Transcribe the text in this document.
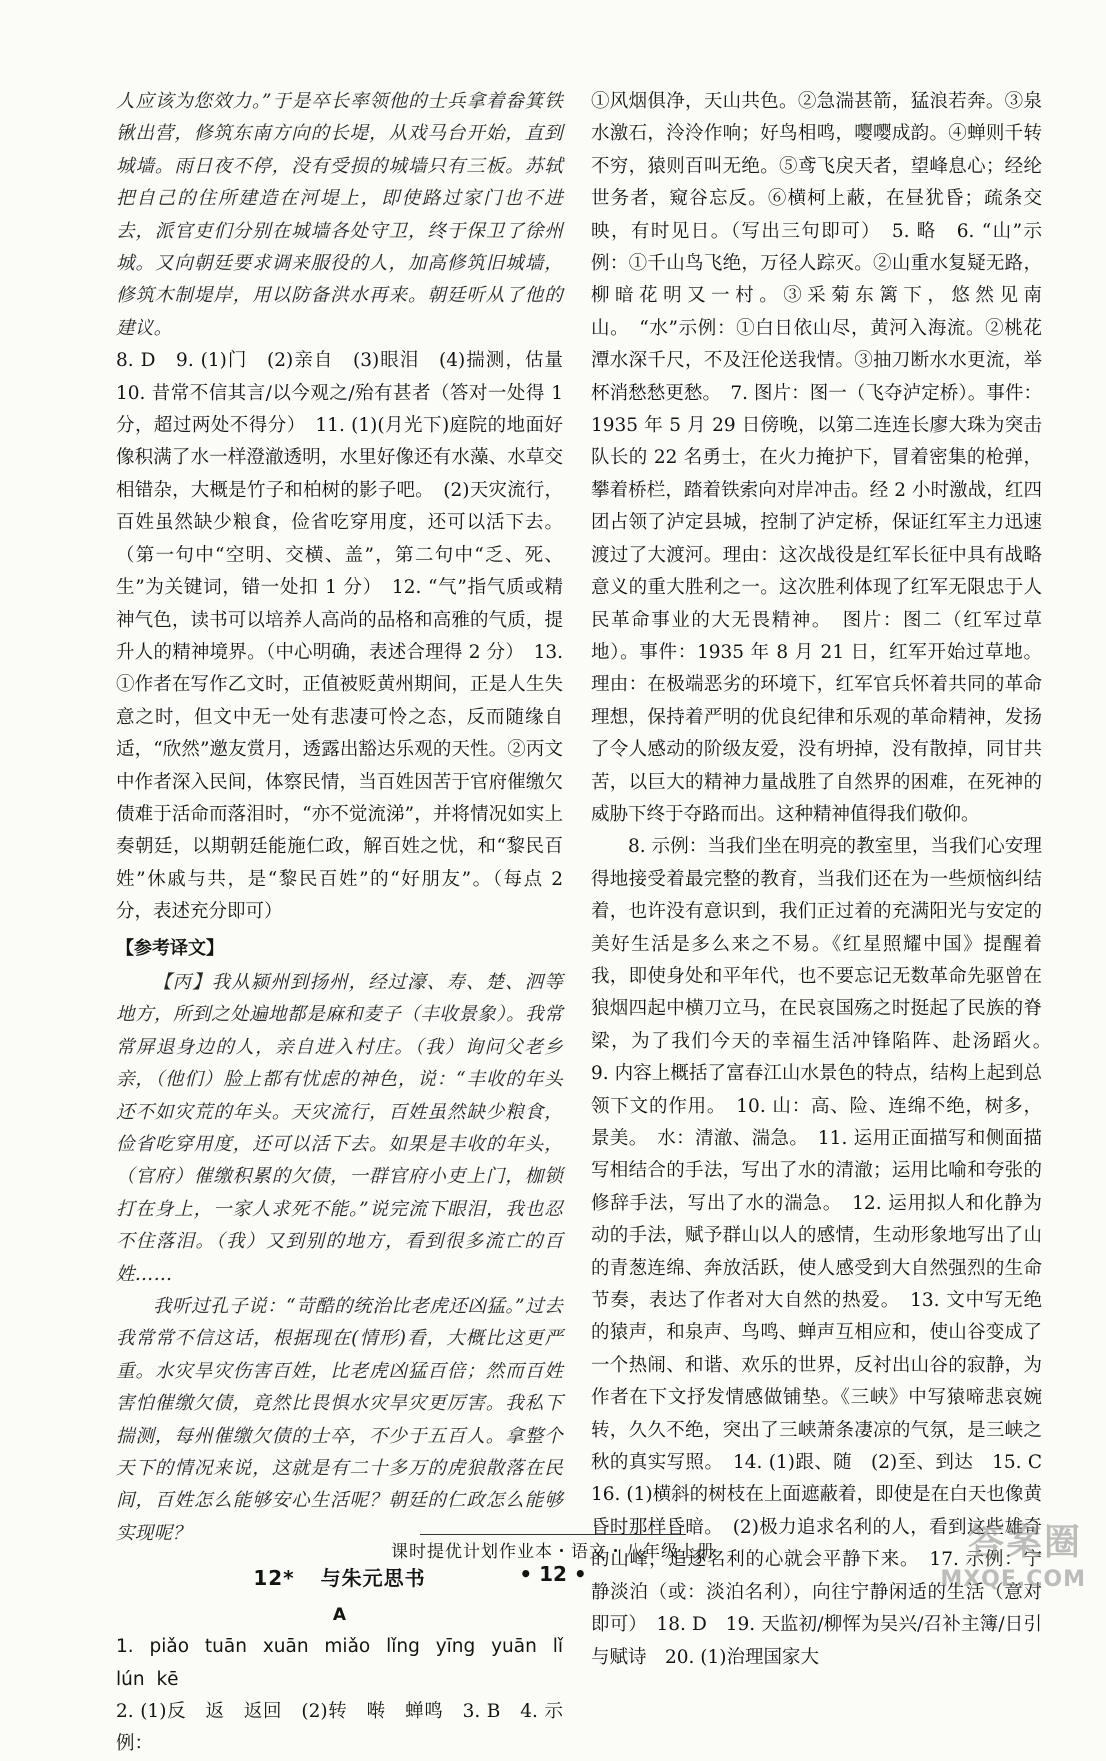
人应该为您效力。”于是卒长率领他的士兵拿着畚箕铁锹出营，修筑东南方向的长堤，从戏马台开始，直到城墙。雨日夜不停，没有受损的城墙只有三板。苏轼把自己的住所建造在河堤上，即使路过家门也不进去，派官吏们分别在城墙各处守卫，终于保卫了徐州城。又向朝廷要求调来服役的人，加高修筑旧城墙，修筑木制堤岸，用以防备洪水再来。朝廷听从了他的建议。

8. D　9. (1)门　(2)亲自　(3)眼泪　(4)揣测，估量　10. 昔常不信其言/以今观之/殆有甚者（答对一处得 1 分，超过两处不得分）　11. (1)(月光下)庭院的地面好像积满了水一样澄澈透明，水里好像还有水藻、水草交相错杂，大概是竹子和柏树的影子吧。　(2)天灾流行，百姓虽然缺少粮食，俭省吃穿用度，还可以活下去。（第一句中“空明、交横、盖”，第二句中“乏、死、生”为关键词，错一处扣 1 分）　12. “气”指气质或精神气色，读书可以培养人高尚的品格和高雅的气质，提升人的精神境界。（中心明确，表述合理得 2 分）　13. ①作者在写作乙文时，正值被贬黄州期间，正是人生失意之时，但文中无一处有悲凄可怜之态，反而随缘自适，“欣然”邀友赏月，透露出豁达乐观的天性。②丙文中作者深入民间，体察民情，当百姓因苦于官府催缴欠债难于活命而落泪时，“亦不觉流涕”，并将情况如实上奏朝廷，以期朝廷能施仁政，解百姓之忧，和“黎民百姓”休戚与共，是“黎民百姓”的“好朋友”。（每点 2 分，表述充分即可）

【参考译文】

【丙】我从颍州到扬州，经过濠、寿、楚、泗等地方，所到之处遍地都是麻和麦子（丰收景象）。我常常屏退身边的人，亲自进入村庄。（我）询问父老乡亲，（他们）脸上都有忧虑的神色，说：“丰收的年头还不如灾荒的年头。天灾流行，百姓虽然缺少粮食，俭省吃穿用度，还可以活下去。如果是丰收的年头，（官府）催缴积累的欠债，一群官府小吏上门，枷锁打在身上，一家人求死不能。”说完流下眼泪，我也忍不住落泪。（我）又到别的地方，看到很多流亡的百姓……

我听过孔子说：“苛酷的统治比老虎还凶猛。”过去我常常不信这话，根据现在(情形)看，大概比这更严重。水灾旱灾伤害百姓，比老虎凶猛百倍；然而百姓害怕催缴欠债，竟然比畏惧水灾旱灾更厉害。我私下揣测，每州催缴欠债的士卒，不少于五百人。拿整个天下的情况来说，这就是有二十多万的虎狼散落在民间，百姓怎么能够安心生活呢？朝廷的仁政怎么能够实现呢？

12* 与朱元思书

A

1. piǎo tuān xuān miǎo lǐng yīng yuān lǐ lún kē

2. (1)反　返　返回　(2)转　啭　蝉鸣　3. B　4. 示例：

①风烟俱净，天山共色。②急湍甚箭，猛浪若奔。③泉水激石，泠泠作响；好鸟相鸣，嘤嘤成韵。④蝉则千转不穷，猿则百叫无绝。⑤鸢飞戾天者，望峰息心；经纶世务者，窥谷忘反。⑥横柯上蔽，在昼犹昏；疏条交映，有时见日。（写出三句即可）　5. 略　6. “山”示例：①千山鸟飞绝，万径人踪灭。②山重水复疑无路，柳暗花明又一村。③采菊东篱下，悠然见南山。　“水”示例：①白日依山尽，黄河入海流。②桃花潭水深千尺，不及汪伦送我情。③抽刀断水水更流，举杯消愁愁更愁。　7. 图片：图一（飞夺泸定桥）。事件：1935 年 5 月 29 日傍晚，以第二连连长廖大珠为突击队长的 22 名勇士，在火力掩护下，冒着密集的枪弹，攀着桥栏，踏着铁索向对岸冲击。经 2 小时激战，红四团占领了泸定县城，控制了泸定桥，保证红军主力迅速渡过了大渡河。理由：这次战役是红军长征中具有战略意义的重大胜利之一。这次胜利体现了红军无限忠于人民革命事业的大无畏精神。　图片：图二（红军过草地）。事件：1935 年 8 月 21 日，红军开始过草地。理由：在极端恶劣的环境下，红军官兵怀着共同的革命理想，保持着严明的优良纪律和乐观的革命精神，发扬了令人感动的阶级友爱，没有坍掉，没有散掉，同甘共苦，以巨大的精神力量战胜了自然界的困难，在死神的威胁下终于夺路而出。这种精神值得我们敬仰。

8. 示例：当我们坐在明亮的教室里，当我们心安理得地接受着最完整的教育，当我们还在为一些烦恼纠结着，也许没有意识到，我们正过着的充满阳光与安定的美好生活是多么来之不易。《红星照耀中国》提醒着我，即使身处和平年代，也不要忘记无数革命先驱曾在狼烟四起中横刀立马，在民哀国殇之时挺起了民族的脊梁，为了我们今天的幸福生活冲锋陷阵、赴汤蹈火。　9. 内容上概括了富春江山水景色的特点，结构上起到总领下文的作用。　10. 山：高、险、连绵不绝，树多，景美。　水：清澈、湍急。　11. 运用正面描写和侧面描写相结合的手法，写出了水的清澈；运用比喻和夸张的修辞手法，写出了水的湍急。　12. 运用拟人和化静为动的手法，赋予群山以人的感情，生动形象地写出了山的青葱连绵、奔放活跃，使人感受到大自然强烈的生命节奏，表达了作者对大自然的热爱。　13. 文中写无绝的猿声，和泉声、鸟鸣、蝉声互相应和，使山谷变成了一个热闹、和谐、欢乐的世界，反衬出山谷的寂静，为作者在下文抒发情感做铺垫。《三峡》中写猿啼悲哀婉转，久久不绝，突出了三峡萧条凄凉的气氛，是三峡之秋的真实写照。　14. (1)跟、随　(2)至、到达　15. C　16. (1)横斜的树枝在上面遮蔽着，即使是在白天也像黄昏时那样昏暗。　(2)极力追求名利的人，看到这些雄奇的山峰，追逐名利的心就会平静下来。　17. 示例：宁静淡泊（或：淡泊名利），向往宁静闲适的生活（意对即可）　18. D　19. 天监初/柳恽为吴兴/召补主簿/日引与赋诗　20. (1)治理国家大

课时提优计划作业本・语文・八年级上册
• 12 •
答案圈
MXQE.COM
